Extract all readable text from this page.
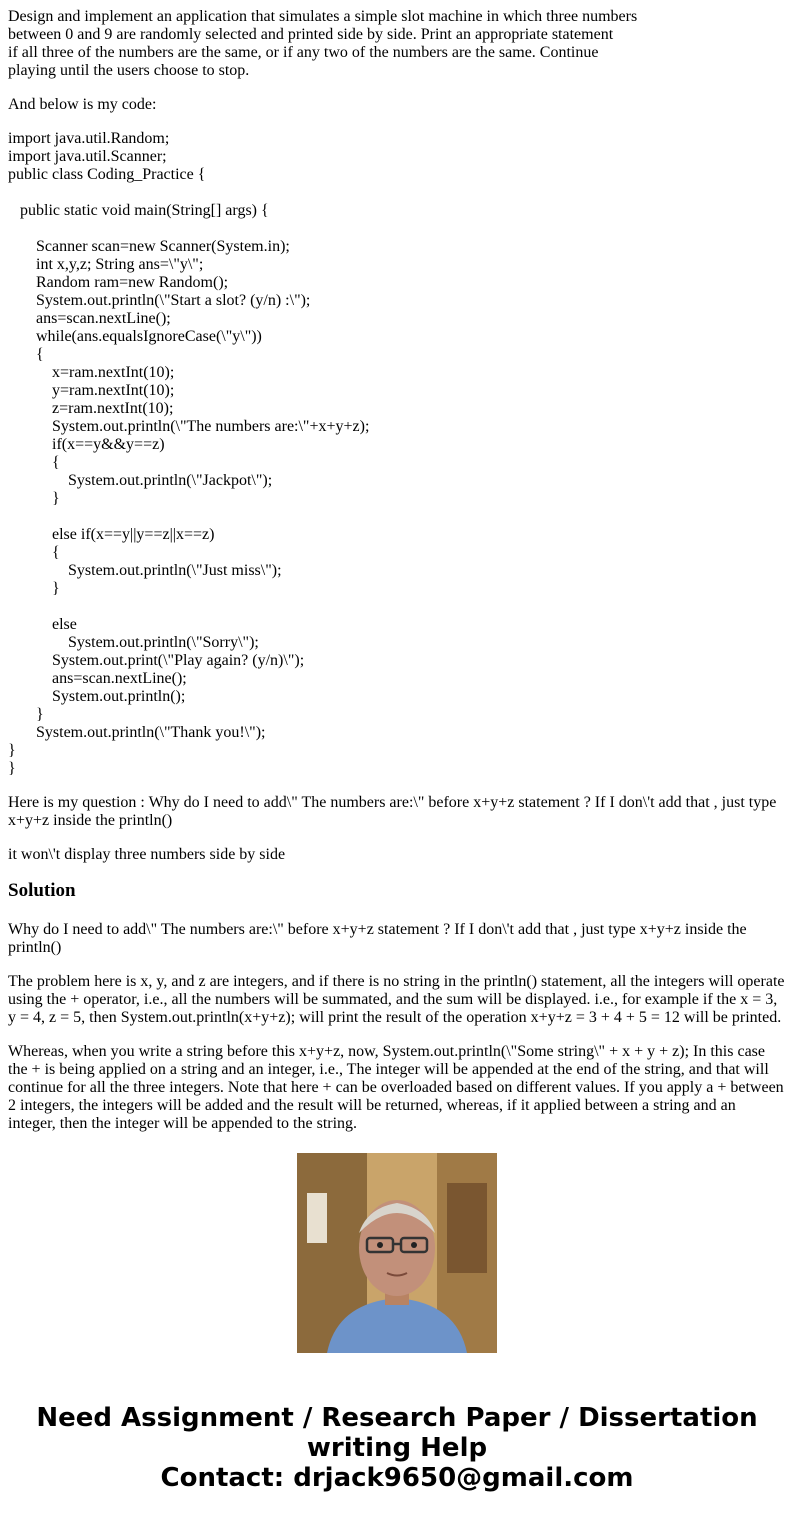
Design and implement an application that simulates a simple slot machine in which three numbers
between 0 and 9 are randomly selected and printed side by side. Print an appropriate statement
if all three of the numbers are the same, or if any two of the numbers are the same. Continue
playing until the users choose to stop.

And below is my code:

import java.util.Random;
import java.util.Scanner;
public class Coding_Practice {
public static void main(String[] args) {
Scanner scan=new Scanner(System.in);
int x,y,z; String ans=\"y\";
Random ram=new Random();
System.out.println(\"Start a slot? (y/n) :\");
ans=scan.nextLine();
while(ans.equalsIgnoreCase(\"y\"))
{
x=ram.nextInt(10);
y=ram.nextInt(10);
z=ram.nextInt(10);
System.out.println(\"The numbers are:\"+x+y+z);
if(x==y&&y==z)
{
System.out.println(\"Jackpot\");
}
else if(x==y||y==z||x==z)
{
System.out.println(\"Just miss\");
}
else
System.out.println(\"Sorry\");
System.out.print(\"Play again? (y/n)\");
ans=scan.nextLine();
System.out.println();
}
System.out.println(\"Thank you!\");
}
}

Here is my question : Why do I need to add\" The numbers are:\" before x+y+z statement ? If I don\'t add that , just type x+y+z inside the println()

it won\'t display three numbers side by side

Solution

Why do I need to add\" The numbers are:\" before x+y+z statement ? If I don\'t add that , just type x+y+z inside the println()

The problem here is x, y, and z are integers, and if there is no string in the println() statement, all the integers will operate using the + operator, i.e., all the numbers will be summated, and the sum will be displayed. i.e., for example if the x = 3, y = 4, z = 5, then System.out.println(x+y+z); will print the result of the operation x+y+z = 3 + 4 + 5 = 12 will be printed.

Whereas, when you write a string before this x+y+z, now, System.out.println(\"Some string\" + x + y + z); In this case the + is being applied on a string and an integer, i.e., The integer will be appended at the end of the string, and that will continue for all the three integers. Note that here + can be overloaded based on different values. If you apply a + between 2 integers, the integers will be added and the result will be returned, whereas, if it applied between a string and an integer, then the integer will be appended to the string.

Need Assignment / Research Paper / Dissertation
writing Help
Contact: drjack9650@gmail.com
